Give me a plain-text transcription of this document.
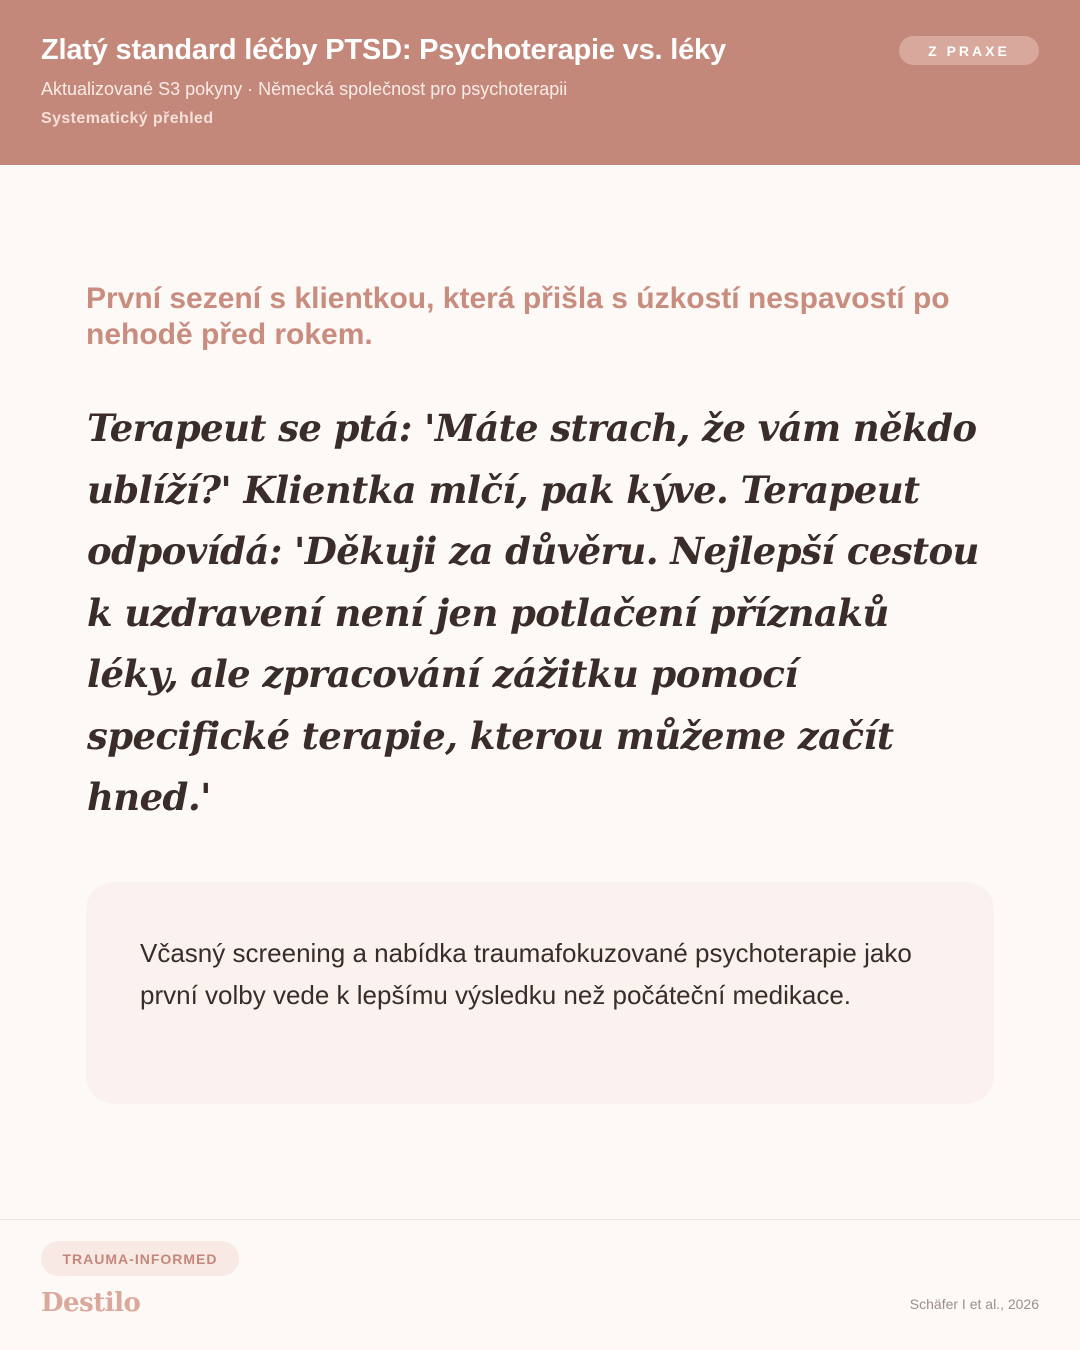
Zlatý standard léčby PTSD: Psychoterapie vs. léky
Aktualizované S3 pokyny · Německá společnost pro psychoterapii
Systematický přehled
Z PRAXE
První sezení s klientkou, která přišla s úzkostí nespavostí po nehodě před rokem.
Terapeut se ptá: 'Máte strach, že vám někdo ublíží?' Klientka mlčí, pak kýve. Terapeut odpovídá: 'Děkuji za důvěru. Nejlepší cestou k uzdravení není jen potlačení příznaků léky, ale zpracování zážitku pomocí specifické terapie, kterou můžeme začít hned.'
Včasný screening a nabídka traumafokuzované psychoterapie jako první volby vede k lepšímu výsledku než počáteční medikace.
TRAUMA-INFORMED
Destilo	Schäfer I et al., 2026
